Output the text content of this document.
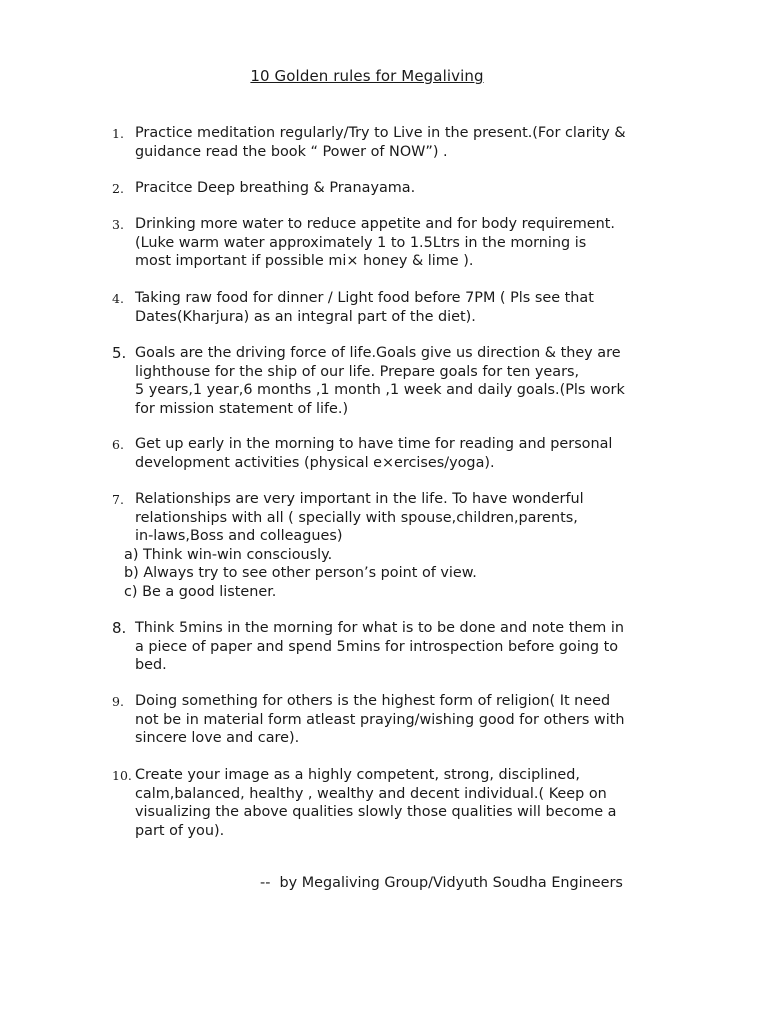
10 Golden rules for Megaliving
1. Practice meditation regularly/Try to Live in the present.(For clarity &
guidance read the book “ Power of NOW”) .
2. Pracitce Deep breathing & Pranayama.
3. Drinking more water to reduce appetite and for body requirement.
(Luke warm water approximately 1 to 1.5Ltrs in the morning is
most important if possible mi× honey & lime ).
4. Taking raw food for dinner / Light food before 7PM ( Pls see that
Dates(Kharjura) as an integral part of the diet).
5. Goals are the driving force of life.Goals give us direction & they are
lighthouse for the ship of our life. Prepare goals for ten years,
5 years,1 year,6 months ,1 month ,1 week and daily goals.(Pls work
for mission statement of life.)
6. Get up early in the morning to have time for reading and personal
development activities (physical e×ercises/yoga).
7. Relationships are very important in the life. To have wonderful
relationships with all ( specially with spouse,children,parents,
in-laws,Boss and colleagues)
a) Think win-win consciously.
b) Always try to see other person’s point of view.
c) Be a good listener.
8. Think 5mins in the morning for what is to be done and note them in
a piece of paper and spend 5mins for introspection before going to
bed.
9. Doing something for others is the highest form of religion( It need
not be in material form atleast praying/wishing good for others with
sincere love and care).
10. Create your image as a highly competent, strong, disciplined,
calm,balanced, healthy , wealthy and decent individual.( Keep on
visualizing the above qualities slowly those qualities will become a
part of you).
--  by Megaliving Group/Vidyuth Soudha Engineers
